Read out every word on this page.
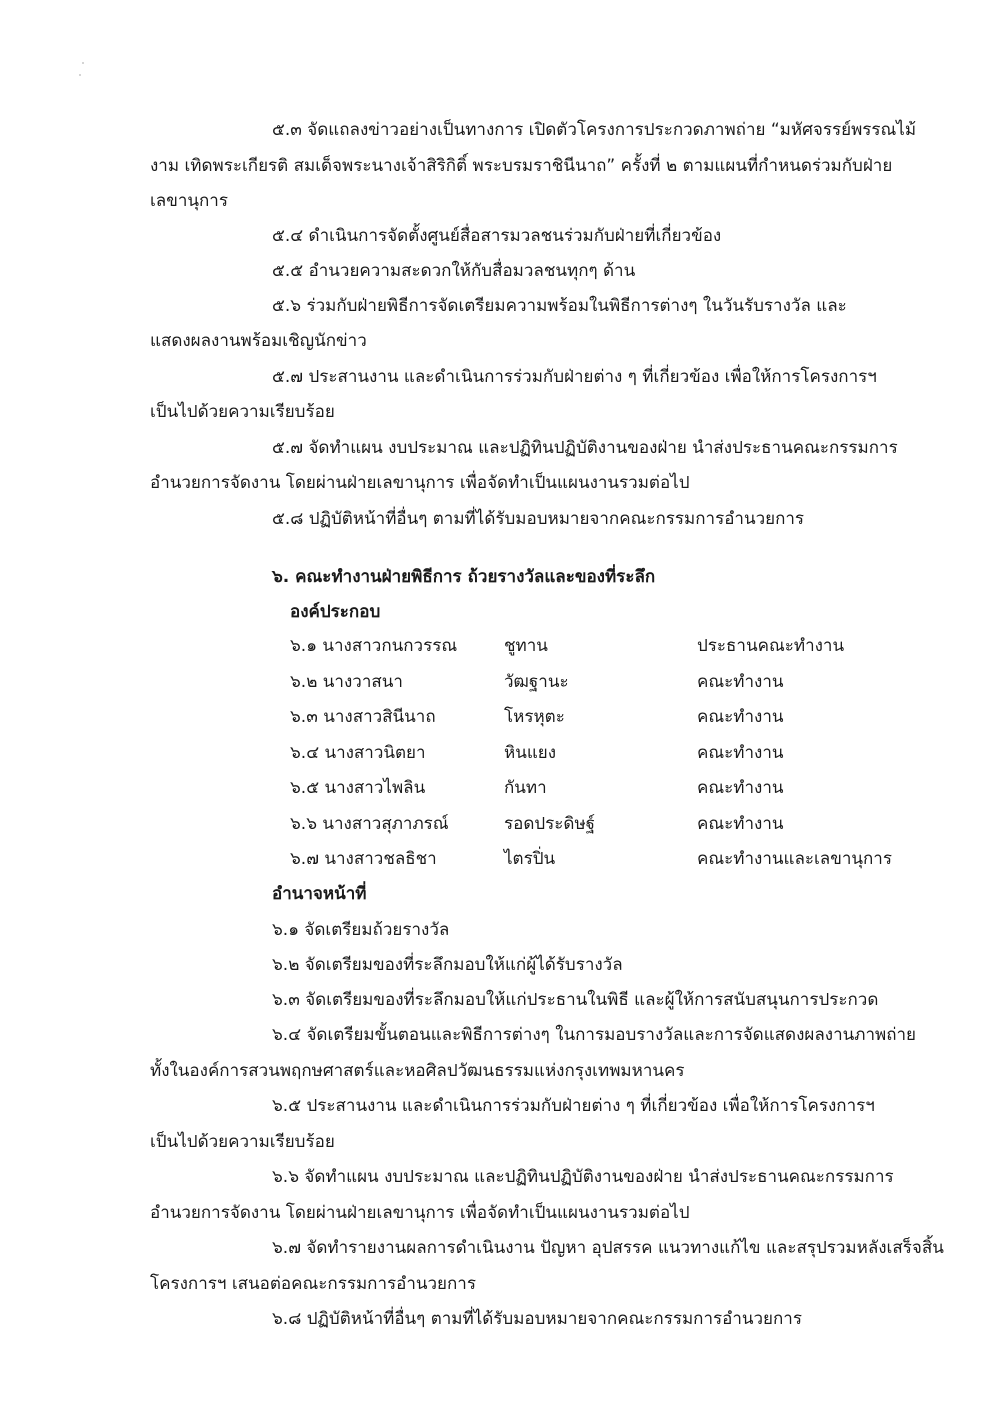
๕.๓ จัดแถลงข่าวอย่างเป็นทางการ เปิดตัวโครงการประกวดภาพถ่าย “มหัศจรรย์พรรณไม้
งาม เทิดพระเกียรติ สมเด็จพระนางเจ้าสิริกิติ์ พระบรมราชินีนาถ” ครั้งที่ ๒ ตามแผนที่กำหนดร่วมกับฝ่าย
เลขานุการ
๕.๔ ดำเนินการจัดตั้งศูนย์สื่อสารมวลชนร่วมกับฝ่ายที่เกี่ยวข้อง
๕.๕ อำนวยความสะดวกให้กับสื่อมวลชนทุกๆ ด้าน
๕.๖ ร่วมกับฝ่ายพิธีการจัดเตรียมความพร้อมในพิธีการต่างๆ ในวันรับรางวัล และ
แสดงผลงานพร้อมเชิญนักข่าว
๕.๗ ประสานงาน และดำเนินการร่วมกับฝ่ายต่าง ๆ ที่เกี่ยวข้อง เพื่อให้การโครงการฯ
เป็นไปด้วยความเรียบร้อย
๕.๗ จัดทำแผน งบประมาณ และปฏิทินปฏิบัติงานของฝ่าย นำส่งประธานคณะกรรมการ
อำนวยการจัดงาน โดยผ่านฝ่ายเลขานุการ เพื่อจัดทำเป็นแผนงานรวมต่อไป
๕.๘ ปฏิบัติหน้าที่อื่นๆ ตามที่ได้รับมอบหมายจากคณะกรรมการอำนวยการ
๖. คณะทำงานฝ่ายพิธีการ ถ้วยรางวัลและของที่ระลึก
องค์ประกอบ
๖.๑ นางสาวกนกวรรณ	ชูทาน	ประธานคณะทำงาน
๖.๒ นางวาสนา	วัฒฐานะ	คณะทำงาน
๖.๓ นางสาวสินีนาถ	โหรหุตะ	คณะทำงาน
๖.๔ นางสาวนิตยา	หินแยง	คณะทำงาน
๖.๕ นางสาวไพลิน	กันทา	คณะทำงาน
๖.๖ นางสาวสุภาภรณ์	รอดประดิษฐ์	คณะทำงาน
๖.๗ นางสาวชลธิชา	ไตรปิ่น	คณะทำงานและเลขานุการ
อำนาจหน้าที่
๖.๑ จัดเตรียมถ้วยรางวัล
๖.๒ จัดเตรียมของที่ระลึกมอบให้แก่ผู้ได้รับรางวัล
๖.๓ จัดเตรียมของที่ระลึกมอบให้แก่ประธานในพิธี และผู้ให้การสนับสนุนการประกวด
๖.๔ จัดเตรียมขั้นตอนและพิธีการต่างๆ ในการมอบรางวัลและการจัดแสดงผลงานภาพถ่าย
ทั้งในองค์การสวนพฤกษศาสตร์และหอศิลปวัฒนธรรมแห่งกรุงเทพมหานคร
๖.๕ ประสานงาน และดำเนินการร่วมกับฝ่ายต่าง ๆ ที่เกี่ยวข้อง เพื่อให้การโครงการฯ
เป็นไปด้วยความเรียบร้อย
๖.๖ จัดทำแผน งบประมาณ และปฏิทินปฏิบัติงานของฝ่าย นำส่งประธานคณะกรรมการ
อำนวยการจัดงาน โดยผ่านฝ่ายเลขานุการ เพื่อจัดทำเป็นแผนงานรวมต่อไป
๖.๗ จัดทำรายงานผลการดำเนินงาน ปัญหา อุปสรรค แนวทางแก้ไข และสรุปรวมหลังเสร็จสิ้น
โครงการฯ เสนอต่อคณะกรรมการอำนวยการ
๖.๘ ปฏิบัติหน้าที่อื่นๆ ตามที่ได้รับมอบหมายจากคณะกรรมการอำนวยการ
